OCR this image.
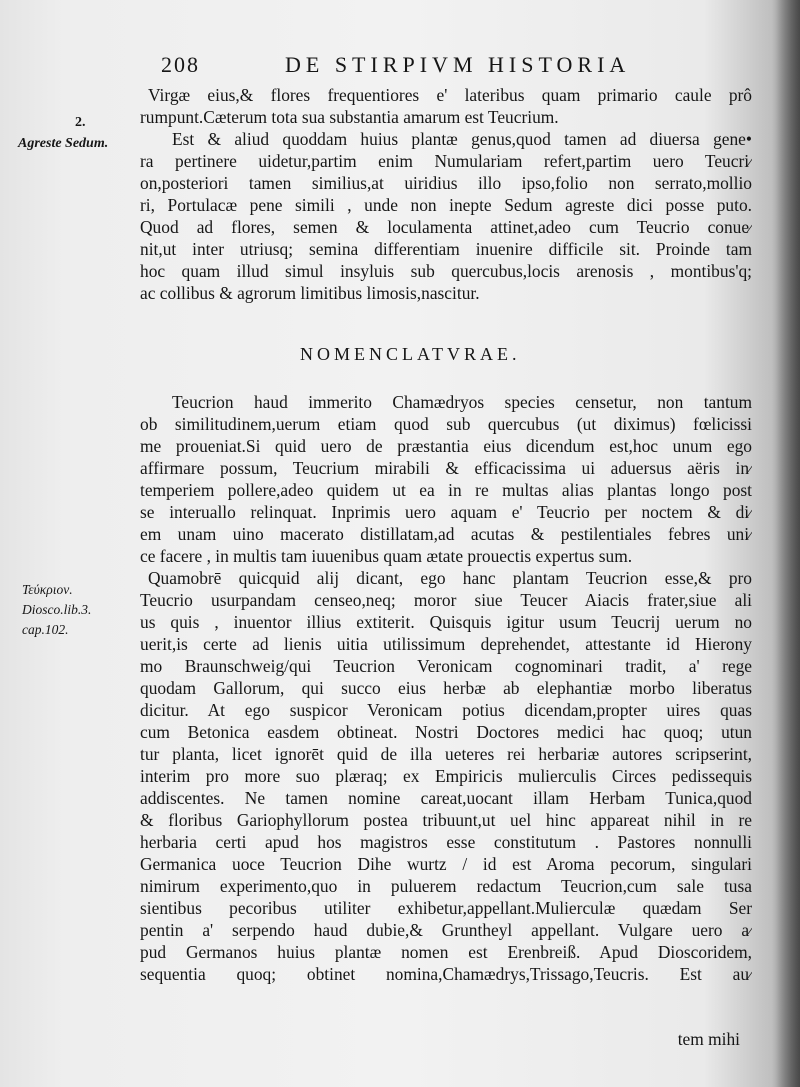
208	DE STIRPIVM HISTORIA
2.
Agreste Sedum.
Virgæ eius,& flores frequentiores e' lateribus quam primario caule prô
rumpunt.Cæterum tota sua substantia amarum est Teucrium.
Est & aliud quoddam huius plantæ genus,quod tamen ad diuersa gene•
ra pertinere uidetur,partim enim Numulariam refert,partim uero Teucri∕
on,posteriori tamen similius,at uiridius illo ipso,folio non serrato,mollio
ri, Portulacæ pene simili , unde non inepte Sedum agreste dici posse puto.
Quod ad flores, semen & loculamenta attinet,adeo cum Teucrio conue∕
nit,ut inter utriusq; semina differentiam inuenire difficile sit. Proinde tam
hoc quam illud simul insyluis sub quercubus,locis arenosis , montibus'q;
ac collibus & agrorum limitibus limosis,nascitur.
NOMENCLATVRAE.
Teucrion haud immerito Chamædryos species censetur, non tantum
ob similitudinem,uerum etiam quod sub quercubus (ut diximus) fœlicissi
me proueniat.Si quid uero de præstantia eius dicendum est,hoc unum ego
affirmare possum, Teucrium mirabili & efficacissima ui aduersus aëris in∕
temperiem pollere,adeo quidem ut ea in re multas alias plantas longo post
se interuallo relinquat. Inprimis uero aquam e' Teucrio per noctem & di∕
em unam uino macerato distillatam,ad acutas & pestilentiales febres uni∕
ce facere , in multis tam iuuenibus quam ætate prouectis expertus sum.
Quamobrē quicquid alij dicant, ego hanc plantam Teucrion esse,& pro
Teucrio usurpandam censeo,neq; moror siue Teucer Aiacis frater,siue ali
us quis , inuentor illius extiterit. Quisquis igitur usum Teucrij uerum no
uerit,is certe ad lienis uitia utilissimum deprehendet, attestante id Hierony
mo Braunschweig/qui Teucrion Veronicam cognominari tradit, a' rege
quodam Gallorum, qui succo eius herbæ ab elephantiæ morbo liberatus
dicitur. At ego suspicor Veronicam potius dicendam,propter uires quas
cum Betonica easdem obtineat. Nostri Doctores medici hac quoq; utun
tur planta, licet ignorēt quid de illa ueteres rei herbariæ autores scripserint,
interim pro more suo plæraq; ex Empiricis mulierculis Circes pedissequis
addiscentes. Ne tamen nomine careat,uocant illam Herbam Tunica,quod
& floribus Gariophyllorum postea tribuunt,ut uel hinc appareat nihil in re
herbaria certi apud hos magistros esse constitutum . Pastores nonnulli
Germanica uoce Teucrion Dihe wurtz / id est Aroma pecorum, singulari
nimirum experimento,quo in puluerem redactum Teucrion,cum sale tusa
sientibus pecoribus utiliter exhibetur,appellant.Mulierculæ quædam Ser
pentin a' serpendo haud dubie,& Gruntheyl appellant. Vulgare uero a∕
pud Germanos huius plantæ nomen est Erenbreiß. Apud Dioscoridem,
sequentia quoq; obtinet nomina,Chamædrys,Trissago,Teucris. Est au∕
Τεύκριον.
Diosco.lib.3.
cap.102.
tem mihi
